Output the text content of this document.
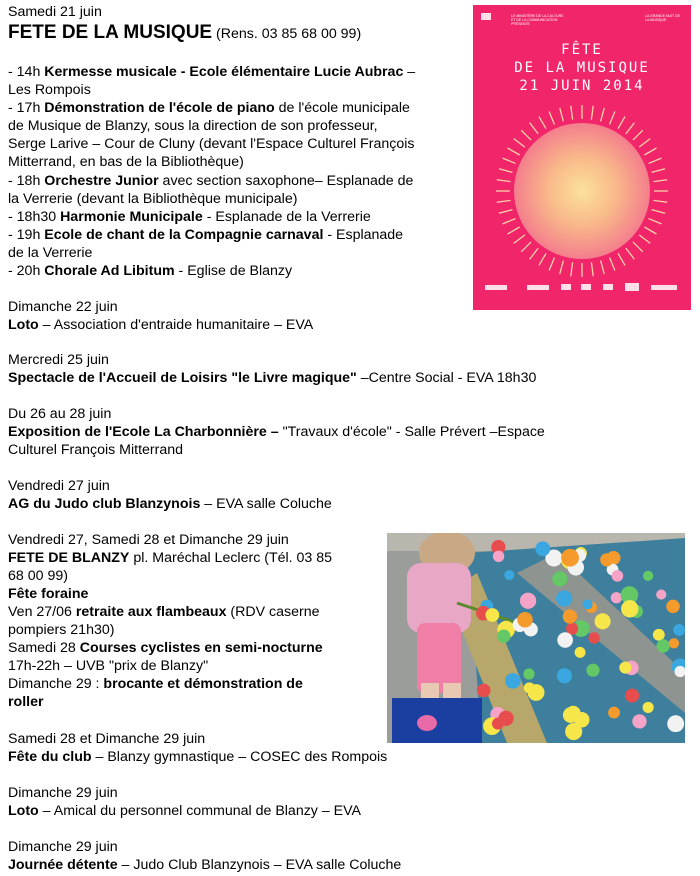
Samedi 21 juin
FETE DE LA MUSIQUE (Rens. 03 85 68 00 99)
- 14h Kermesse musicale - Ecole élémentaire Lucie Aubrac –
Les Rompois
- 17h Démonstration de l'école de piano de l'école municipale
de Musique de Blanzy, sous la direction de son professeur,
Serge Larive – Cour de Cluny (devant l'Espace Culturel François
Mitterrand, en bas de la Bibliothèque)
- 18h Orchestre Junior avec section saxophone– Esplanade de
la Verrerie (devant la Bibliothèque municipale)
- 18h30 Harmonie Municipale - Esplanade de la Verrerie
- 19h Ecole de chant de la Compagnie carnaval - Esplanade
de la Verrerie
- 20h Chorale Ad Libitum - Eglise de Blanzy
LE MINISTÈRE DE LA CULTURE ET DE LA COMMUNICATION PRÉSENTE
LA GRANDE NUIT DE LA MUSIQUE
FÊTE
DE LA MUSIQUE
21 JUIN 2014
Dimanche 22 juin
Loto – Association d'entraide humanitaire – EVA
Mercredi 25 juin
Spectacle de l'Accueil de Loisirs "le Livre magique" –Centre Social - EVA 18h30
Du 26 au 28 juin
Exposition de l'Ecole La Charbonnière – "Travaux d'école" - Salle Prévert –Espace
Culturel François Mitterrand
Vendredi 27 juin
AG du Judo club Blanzynois – EVA salle Coluche
Vendredi 27, Samedi 28 et Dimanche 29 juin
FETE DE BLANZY pl. Maréchal Leclerc (Tél. 03 85
68 00 99)
Fête foraine
Ven 27/06 retraite aux flambeaux (RDV caserne
pompiers 21h30)
Samedi 28 Courses cyclistes en semi-nocturne
17h-22h – UVB "prix de Blanzy"
Dimanche 29 : brocante et démonstration de
roller
Samedi 28 et Dimanche 29 juin
Fête du club – Blanzy gymnastique – COSEC des Rompois
Dimanche 29 juin
Loto – Amical du personnel communal de Blanzy – EVA
Dimanche 29 juin
Journée détente – Judo Club Blanzynois – EVA salle Coluche
